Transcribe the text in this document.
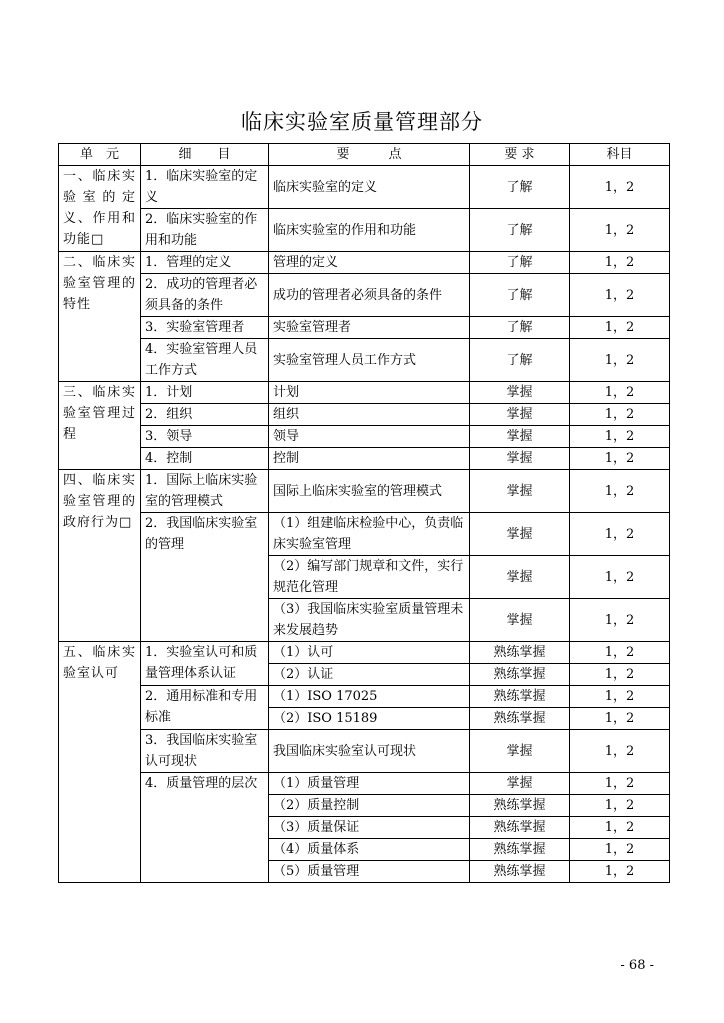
临床实验室质量管理部分
单　元	细　　目	要　　　点	要 求	科目
一、临床实验室的定义、作用和功能□	1．临床实验室的定义	临床实验室的定义	了解	1，2
	2．临床实验室的作用和功能	临床实验室的作用和功能	了解	1，2
二、临床实验室管理的特性	1．管理的定义	管理的定义	了解	1，2
	2．成功的管理者必须具备的条件	成功的管理者必须具备的条件	了解	1，2
	3．实验室管理者	实验室管理者	了解	1，2
	4．实验室管理人员工作方式	实验室管理人员工作方式	了解	1，2
三、临床实验室管理过程	1．计划	计划	掌握	1，2
	2．组织	组织	掌握	1，2
	3．领导	领导	掌握	1，2
	4．控制	控制	掌握	1，2
四、临床实验室管理的政府行为□	1．国际上临床实验室的管理模式	国际上临床实验室的管理模式	掌握	1，2
	2．我国临床实验室的管理	（1）组建临床检验中心，负责临床实验室管理	掌握	1，2
		（2）编写部门规章和文件，实行规范化管理	掌握	1，2
		（3）我国临床实验室质量管理未来发展趋势	掌握	1，2
五、临床实验室认可	1．实验室认可和质量管理体系认证	（1）认可	熟练掌握	1，2
		（2）认证	熟练掌握	1，2
	2．通用标准和专用标准	（1）ISO 17025	熟练掌握	1，2
		（2）ISO 15189	熟练掌握	1，2
	3．我国临床实验室认可现状	我国临床实验室认可现状	掌握	1，2
	4．质量管理的层次	（1）质量管理	掌握	1，2
		（2）质量控制	熟练掌握	1，2
		（3）质量保证	熟练掌握	1，2
		（4）质量体系	熟练掌握	1，2
		（5）质量管理	熟练掌握	1，2
- 68 -
